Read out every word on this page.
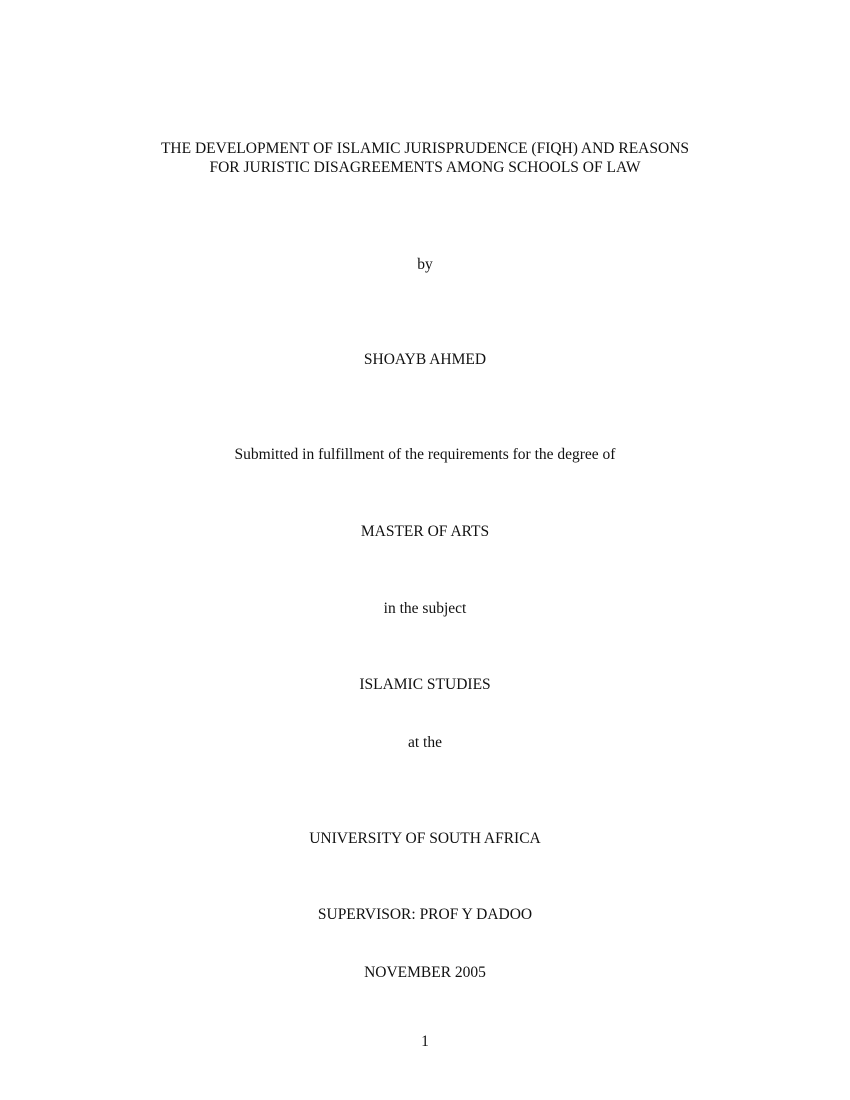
THE DEVELOPMENT OF ISLAMIC JURISPRUDENCE (FIQH) AND REASONS
FOR JURISTIC DISAGREEMENTS AMONG SCHOOLS OF LAW
by
SHOAYB AHMED
Submitted in fulfillment of the requirements for the degree of
MASTER OF ARTS
in the subject
ISLAMIC STUDIES
at the
UNIVERSITY OF SOUTH AFRICA
SUPERVISOR: PROF Y DADOO
NOVEMBER 2005
1
